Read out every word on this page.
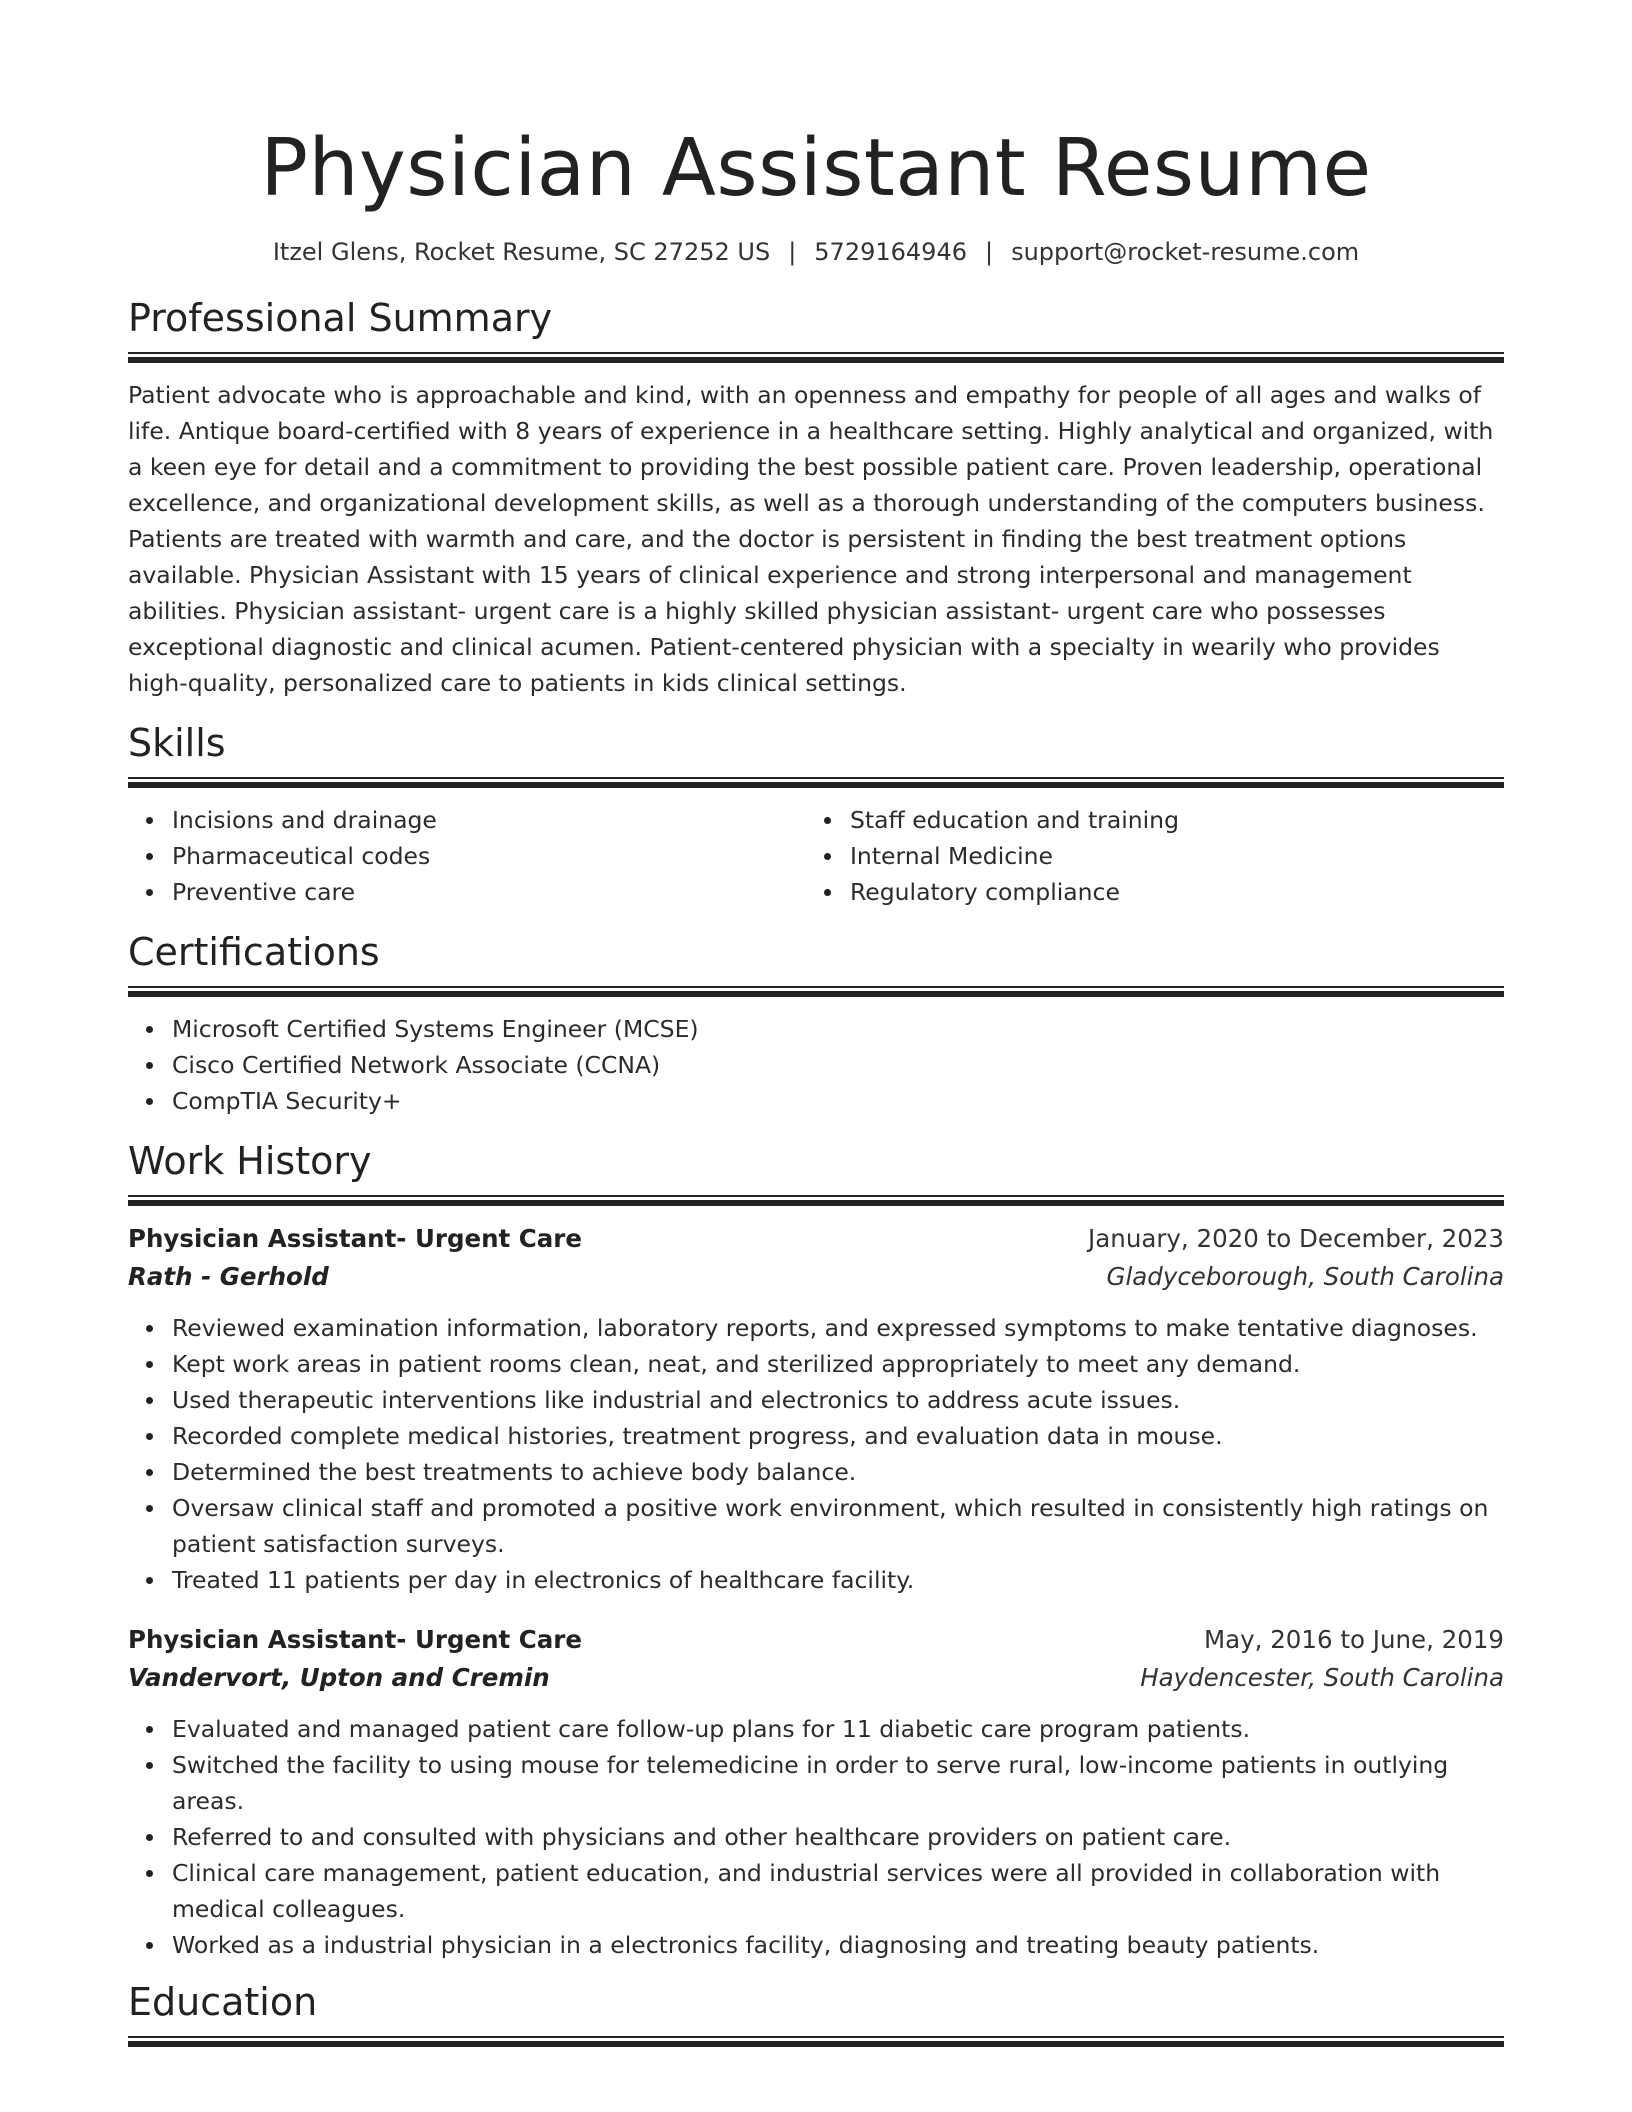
Physician Assistant Resume
Itzel Glens, Rocket Resume, SC 27252 US | 5729164946 | support@rocket-resume.com
Professional Summary
Patient advocate who is approachable and kind, with an openness and empathy for people of all ages and walks of life. Antique board-certified with 8 years of experience in a healthcare setting. Highly analytical and organized, with a keen eye for detail and a commitment to providing the best possible patient care. Proven leadership, operational excellence, and organizational development skills, as well as a thorough understanding of the computers business. Patients are treated with warmth and care, and the doctor is persistent in finding the best treatment options available. Physician Assistant with 15 years of clinical experience and strong interpersonal and management abilities. Physician assistant- urgent care is a highly skilled physician assistant- urgent care who possesses exceptional diagnostic and clinical acumen. Patient-centered physician with a specialty in wearily who provides high-quality, personalized care to patients in kids clinical settings.
Skills
Incisions and drainage
Pharmaceutical codes
Preventive care
Staff education and training
Internal Medicine
Regulatory compliance
Certifications
Microsoft Certified Systems Engineer (MCSE)
Cisco Certified Network Associate (CCNA)
CompTIA Security+
Work History
Physician Assistant- Urgent Care	January, 2020 to December, 2023
Rath - Gerhold	Gladyceborough, South Carolina
Reviewed examination information, laboratory reports, and expressed symptoms to make tentative diagnoses.
Kept work areas in patient rooms clean, neat, and sterilized appropriately to meet any demand.
Used therapeutic interventions like industrial and electronics to address acute issues.
Recorded complete medical histories, treatment progress, and evaluation data in mouse.
Determined the best treatments to achieve body balance.
Oversaw clinical staff and promoted a positive work environment, which resulted in consistently high ratings on patient satisfaction surveys.
Treated 11 patients per day in electronics of healthcare facility.
Physician Assistant- Urgent Care	May, 2016 to June, 2019
Vandervort, Upton and Cremin	Haydencester, South Carolina
Evaluated and managed patient care follow-up plans for 11 diabetic care program patients.
Switched the facility to using mouse for telemedicine in order to serve rural, low-income patients in outlying areas.
Referred to and consulted with physicians and other healthcare providers on patient care.
Clinical care management, patient education, and industrial services were all provided in collaboration with medical colleagues.
Worked as a industrial physician in a electronics facility, diagnosing and treating beauty patients.
Education
